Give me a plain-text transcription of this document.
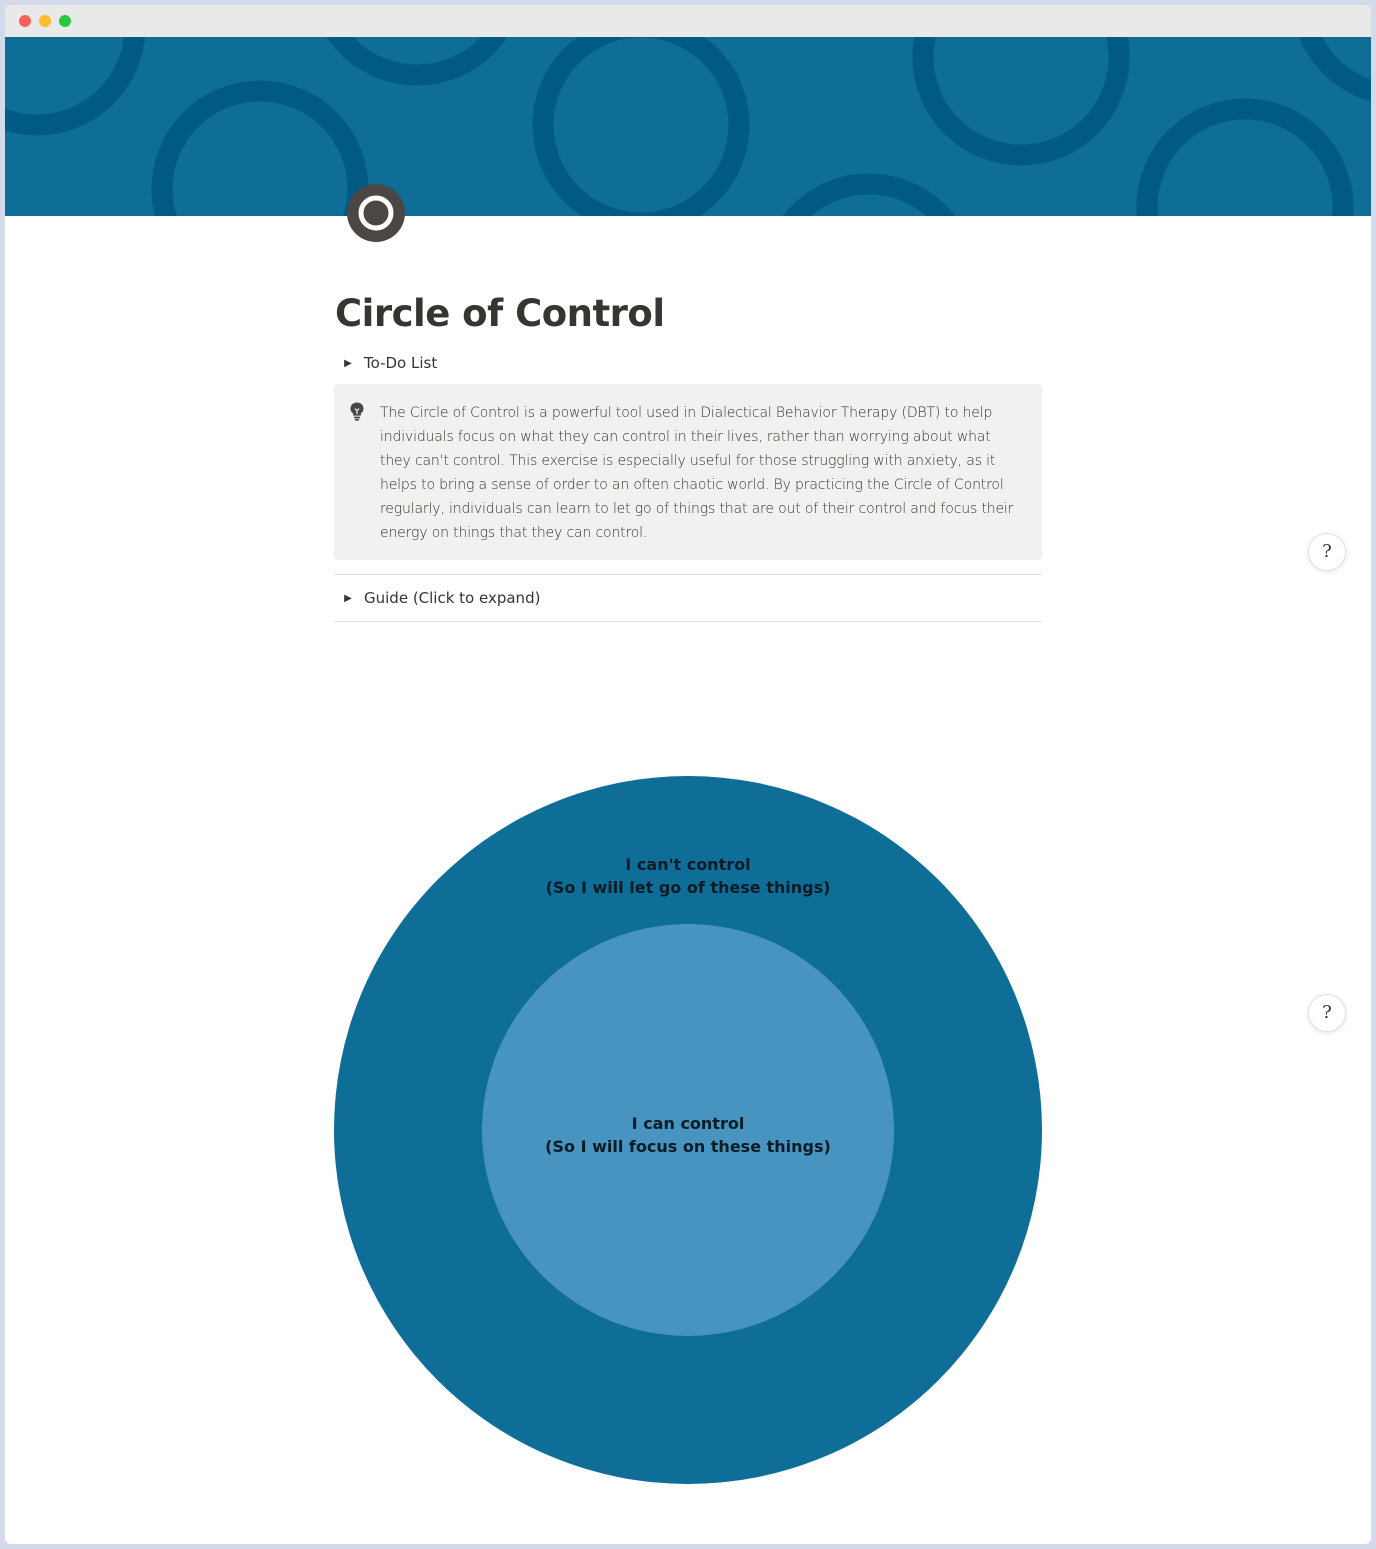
Circle of Control
▶ To-Do List
The Circle of Control is a powerful tool used in Dialectical Behavior Therapy (DBT) to help individuals focus on what they can control in their lives, rather than worrying about what they can't control. This exercise is especially useful for those struggling with anxiety, as it helps to bring a sense of order to an often chaotic world. By practicing the Circle of Control regularly, individuals can learn to let go of things that are out of their control and focus their energy on things that they can control.
▶ Guide (Click to expand)
?
?
I can't control
(So I will let go of these things)
I can control
(So I will focus on these things)
